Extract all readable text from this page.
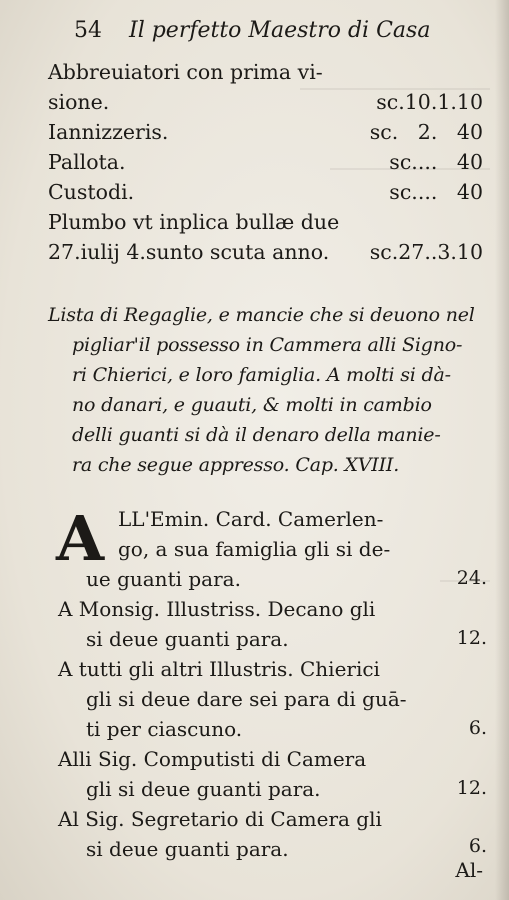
54 Il perfetto Maestro di Casa
Abbreuiatori con prima vi-
sione.	sc.10.1.10
Iannizzeris.	sc.   2.   40
Pallota.	sc....   40
Custodi.	sc....   40
Plumbo vt inplica bullæ due
27.iulij 4.sunto scuta anno. sc.27..3.10
Lista di Regaglie, e mancie che si deuono nel
pigliar'il possesso in Cammera alli Signo-
ri Chierici, e loro famiglia. A molti si dà-
no danari, e guauti, & molti in cambio
delli guanti si dà il denaro della manie-
ra che segue appresso. Cap. XVIII.
A LL'Emin. Card. Camerlen-
go, a sua famiglia gli si de-
ue guanti para.	24.
A Monsig. Illustriss. Decano gli
si deue guanti para.	12.
A tutti gli altri Illustris. Chierici
gli si deue dare sei para di guā-
ti per ciascuno.	6.
Alli Sig. Computisti di Camera
gli si deue guanti para.	12.
Al Sig. Segretario di Camera gli
si deue guanti para.	6.
Al-
